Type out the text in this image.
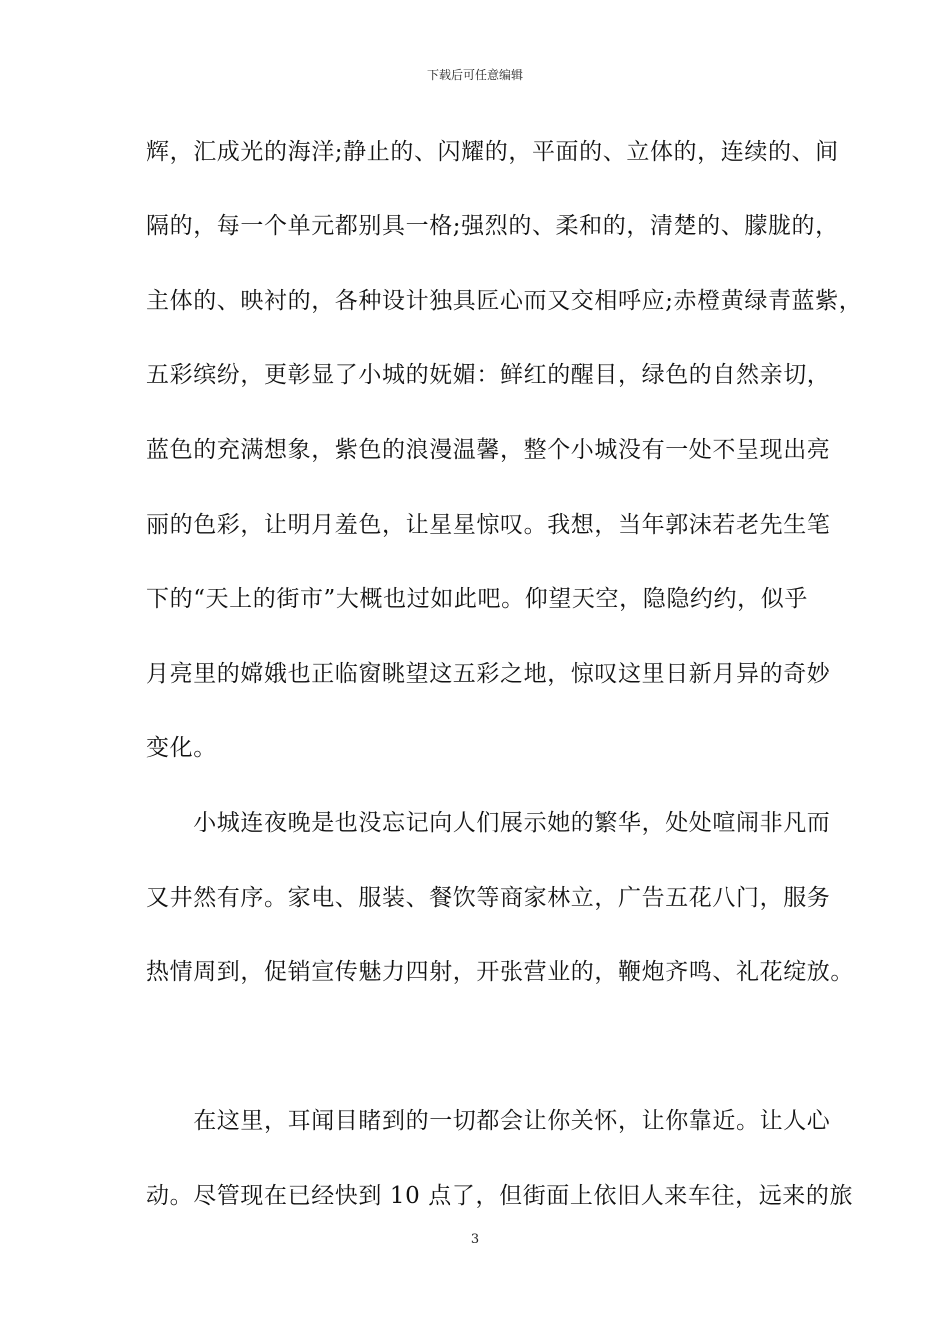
下载后可任意编辑
辉，汇成光的海洋;静止的、闪耀的，平面的、立体的，连续的、间
隔的，每一个单元都别具一格;强烈的、柔和的，清楚的、朦胧的，
主体的、映衬的，各种设计独具匠心而又交相呼应;赤橙黄绿青蓝紫，
五彩缤纷，更彰显了小城的妩媚：鲜红的醒目，绿色的自然亲切，
蓝色的充满想象，紫色的浪漫温馨，整个小城没有一处不呈现出亮
丽的色彩，让明月羞色，让星星惊叹。我想，当年郭沫若老先生笔
下的“天上的街市”大概也过如此吧。仰望天空，隐隐约约，似乎
月亮里的嫦娥也正临窗眺望这五彩之地，惊叹这里日新月异的奇妙
变化。
　　小城连夜晚是也没忘记向人们展示她的繁华，处处喧闹非凡而
又井然有序。家电、服装、餐饮等商家林立，广告五花八门，服务
热情周到，促销宣传魅力四射，开张营业的，鞭炮齐鸣、礼花绽放。
　　在这里，耳闻目睹到的一切都会让你关怀，让你靠近。让人心
动。尽管现在已经快到 10 点了，但街面上依旧人来车往，远来的旅
3
